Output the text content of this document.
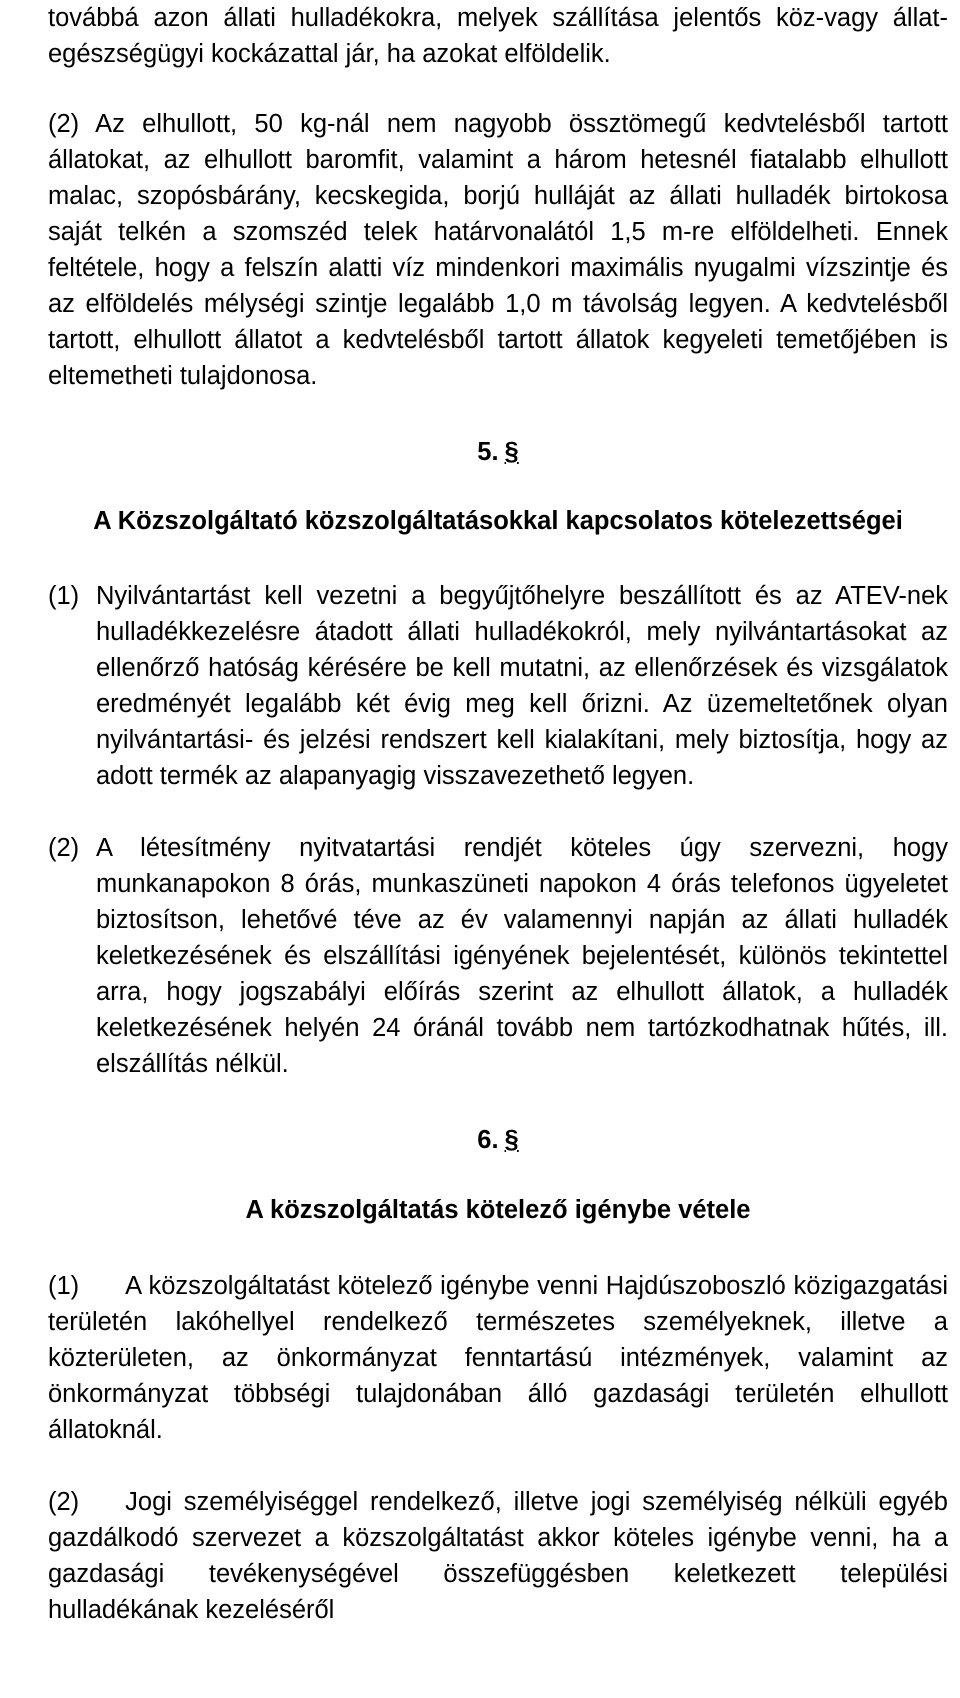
továbbá azon állati hulladékokra, melyek szállítása jelentős köz-vagy állat-egészségügyi kockázattal jár, ha azokat elföldelik.

(2) Az elhullott, 50 kg-nál nem nagyobb össztömegű kedvtelésből tartott állatokat, az elhullott baromfit, valamint a három hetesnél fiatalabb elhullott malac, szopósbárány, kecskegida, borjú hulláját az állati hulladék birtokosa saját telkén a szomszéd telek határvonalától 1,5 m-re elföldelheti. Ennek feltétele, hogy a felszín alatti víz mindenkori maximális nyugalmi vízszintje és az elföldelés mélységi szintje legalább 1,0 m távolság legyen. A kedvtelésből tartott, elhullott állatot a kedvtelésből tartott állatok kegyeleti temetőjében is eltemetheti tulajdonosa.

5. §
A Közszolgáltató közszolgáltatásokkal kapcsolatos kötelezettségei
(1) Nyilvántartást kell vezetni a begyűjtőhelyre beszállított és az ATEV-nek hulladékkezelésre átadott állati hulladékokról, mely nyilvántartásokat az ellenőrző hatóság kérésére be kell mutatni, az ellenőrzések és vizsgálatok eredményét legalább két évig meg kell őrizni. Az üzemeltetőnek olyan nyilvántartási- és jelzési rendszert kell kialakítani, mely biztosítja, hogy az adott termék az alapanyagig visszavezethető legyen.

(2) A létesítmény nyitvatartási rendjét köteles úgy szervezni, hogy munkanapokon 8 órás, munkaszüneti napokon 4 órás telefonos ügyeletet biztosítson, lehetővé téve az év valamennyi napján az állati hulladék keletkezésének és elszállítási igényének bejelentését, különös tekintettel arra, hogy jogszabályi előírás szerint az elhullott állatok, a hulladék keletkezésének helyén 24 óránál tovább nem tartózkodhatnak hűtés, ill. elszállítás nélkül.

6. §
A közszolgáltatás kötelező igénybe vétele

(1) A közszolgáltatást kötelező igénybe venni Hajdúszoboszló közigazgatási területén lakóhellyel rendelkező természetes személyeknek, illetve a közterületen, az önkormányzat fenntartású intézmények, valamint az önkormányzat többségi tulajdonában álló gazdasági területén elhullott állatoknál.

(2) Jogi személyiséggel rendelkező, illetve jogi személyiség nélküli egyéb gazdálkodó szervezet a közszolgáltatást akkor köteles igénybe venni, ha a gazdasági tevékenységével összefüggésben keletkezett települési hulladékának kezeléséről
